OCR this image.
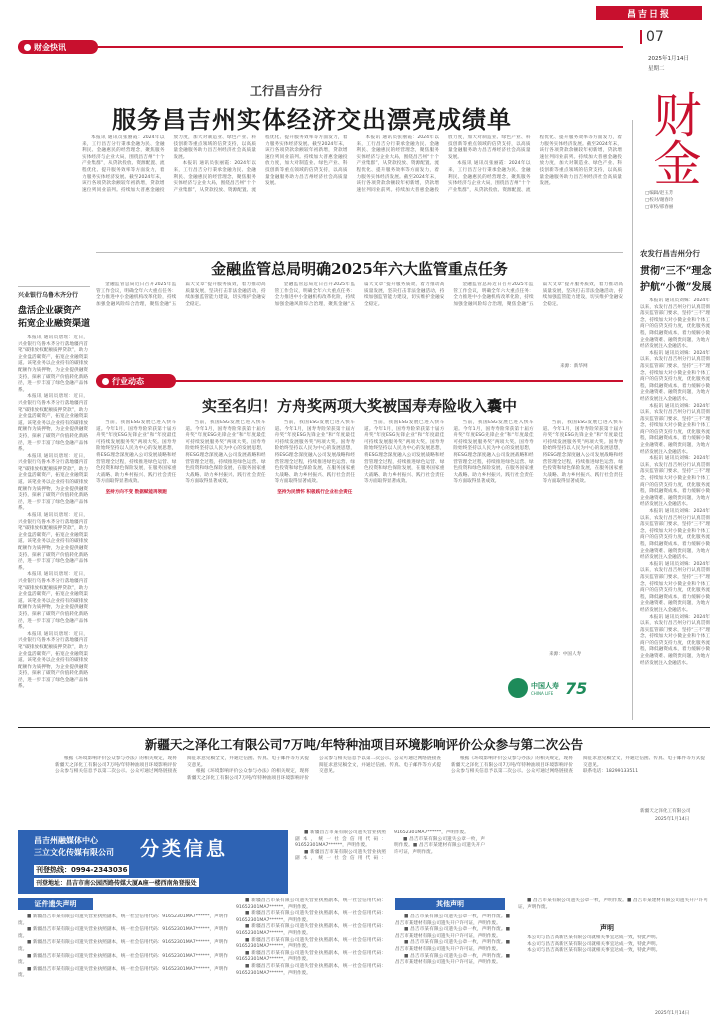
昌吉日报
07
2025年1月14日
星期二
财金
□编辑/赵玉芳
□校对/谢春玲
□审校/邢春丽
财金快讯
工行昌吉分行
服务昌吉州实体经济交出漂亮成绩单

本报讯 通讯员张丽霞：2024年以来，工行昌吉分行秉承金融为民、金融利民、金融惠民的经营理念，聚焦服务实体经济与企业大局，围绕昌吉州“十个产业集群”，从贷款投放、资源配置、流程优化、提升服务效率等方面发力，着力服务实体经济发展。截至2024年末，该行各项贷款余额较年初新增，贷款增速位列同业前列。持续加大普惠金融投放力度，加大对制造业、绿色产业、科技创新等重点领域的信贷支持，以高质量金融服务助力昌吉州经济社会高质量发展。

本报讯 通讯员张丽霞：2024年以来，工行昌吉分行秉承金融为民、金融利民、金融惠民的经营理念，聚焦服务实体经济与企业大局，围绕昌吉州“十个产业集群”，从贷款投放、资源配置、流程优化、提升服务效率等方面发力，着力服务实体经济发展。截至2024年末，该行各项贷款余额较年初新增，贷款增速位列同业前列。持续加大普惠金融投放力度，加大对制造业、绿色产业、科技创新等重点领域的信贷支持，以高质量金融服务助力昌吉州经济社会高质量发展。

本报讯 通讯员张丽霞：2024年以来，工行昌吉分行秉承金融为民、金融利民、金融惠民的经营理念，聚焦服务实体经济与企业大局，围绕昌吉州“十个产业集群”，从贷款投放、资源配置、流程优化、提升服务效率等方面发力，着力服务实体经济发展。截至2024年末，该行各项贷款余额较年初新增，贷款增速位列同业前列。持续加大普惠金融投放力度，加大对制造业、绿色产业、科技创新等重点领域的信贷支持，以高质量金融服务助力昌吉州经济社会高质量发展。

本报讯 通讯员张丽霞：2024年以来，工行昌吉分行秉承金融为民、金融利民、金融惠民的经营理念，聚焦服务实体经济与企业大局，围绕昌吉州“十个产业集群”，从贷款投放、资源配置、流程优化、提升服务效率等方面发力，着力服务实体经济发展。截至2024年末，该行各项贷款余额较年初新增，贷款增速位列同业前列。持续加大普惠金融投放力度，加大对制造业、绿色产业、科技创新等重点领域的信贷支持，以高质量金融服务助力昌吉州经济社会高质量发展。

兴业银行乌鲁木齐分行
盘活企业碳资产
拓宽企业融资渠道

本报讯 通讯员唐瑶：近日，兴业银行乌鲁木齐分行落地疆内首笔“碳排放权配额质押贷款”，助力企业盘活碳资产，拓宽企业融资渠道。该笔业务以企业持有的碳排放配额作为质押物，为企业提供融资支持，探索了碳资产价值转化新路径，进一步丰富了绿色金融产品体系。

本报讯 通讯员唐瑶：近日，兴业银行乌鲁木齐分行落地疆内首笔“碳排放权配额质押贷款”，助力企业盘活碳资产，拓宽企业融资渠道。该笔业务以企业持有的碳排放配额作为质押物，为企业提供融资支持，探索了碳资产价值转化新路径，进一步丰富了绿色金融产品体系。

本报讯 通讯员唐瑶：近日，兴业银行乌鲁木齐分行落地疆内首笔“碳排放权配额质押贷款”，助力企业盘活碳资产，拓宽企业融资渠道。该笔业务以企业持有的碳排放配额作为质押物，为企业提供融资支持，探索了碳资产价值转化新路径，进一步丰富了绿色金融产品体系。

本报讯 通讯员唐瑶：近日，兴业银行乌鲁木齐分行落地疆内首笔“碳排放权配额质押贷款”，助力企业盘活碳资产，拓宽企业融资渠道。该笔业务以企业持有的碳排放配额作为质押物，为企业提供融资支持，探索了碳资产价值转化新路径，进一步丰富了绿色金融产品体系。

本报讯 通讯员唐瑶：近日，兴业银行乌鲁木齐分行落地疆内首笔“碳排放权配额质押贷款”，助力企业盘活碳资产，拓宽企业融资渠道。该笔业务以企业持有的碳排放配额作为质押物，为企业提供融资支持，探索了碳资产价值转化新路径，进一步丰富了绿色金融产品体系。

本报讯 通讯员唐瑶：近日，兴业银行乌鲁木齐分行落地疆内首笔“碳排放权配额质押贷款”，助力企业盘活碳资产，拓宽企业融资渠道。该笔业务以企业持有的碳排放配额作为质押物，为企业提供融资支持，探索了碳资产价值转化新路径，进一步丰富了绿色金融产品体系。

金融监管总局明确2025年六大监管重点任务

金融监管总局近日召开2025年监管工作会议，明确全年六大重点任务：全力推进中小金融机构改革化险，持续加强金融风险综合治理，聚焦金融“五篇大文章”提升服务质效，着力推动高质量发展，坚决打击非法金融活动，持续加强监管能力建设，切实维护金融安全稳定。

金融监管总局近日召开2025年监管工作会议，明确全年六大重点任务：全力推进中小金融机构改革化险，持续加强金融风险综合治理，聚焦金融“五篇大文章”提升服务质效，着力推动高质量发展，坚决打击非法金融活动，持续加强监管能力建设，切实维护金融安全稳定。

金融监管总局近日召开2025年监管工作会议，明确全年六大重点任务：全力推进中小金融机构改革化险，持续加强金融风险综合治理，聚焦金融“五篇大文章”提升服务质效，着力推动高质量发展，坚决打击非法金融活动，持续加强监管能力建设，切实维护金融安全稳定。

来源：新华网
行业动态
实至名归！方舟奖两项大奖被国寿寿险收入囊中

当前，我国ESG发展已进入快车道。今年1月，国寿寿险荣获第十届方舟奖“年度ESG先锋企业”和“年度最佳可持续发展服务奖”两项大奖。国寿寿险始终坚持以人民为中心的发展思想，将ESG理念深度融入公司发展战略和经营管理全过程，持续推进绿色运营、绿色投资和绿色保险发展，在服务国家重大战略、助力乡村振兴、践行社会责任等方面取得显著成效。

坚持方向不变 数据赋能再领跑

当前，我国ESG发展已进入快车道。今年1月，国寿寿险荣获第十届方舟奖“年度ESG先锋企业”和“年度最佳可持续发展服务奖”两项大奖。国寿寿险始终坚持以人民为中心的发展思想，将ESG理念深度融入公司发展战略和经营管理全过程，持续推进绿色运营、绿色投资和绿色保险发展，在服务国家重大战略、助力乡村振兴、践行社会责任等方面取得显著成效。

当前，我国ESG发展已进入快车道。今年1月，国寿寿险荣获第十届方舟奖“年度ESG先锋企业”和“年度最佳可持续发展服务奖”两项大奖。国寿寿险始终坚持以人民为中心的发展思想，将ESG理念深度融入公司发展战略和经营管理全过程，持续推进绿色运营、绿色投资和绿色保险发展，在服务国家重大战略、助力乡村振兴、践行社会责任等方面取得显著成效。

坚持为民情怀 积极践行企业社会责任

当前，我国ESG发展已进入快车道。今年1月，国寿寿险荣获第十届方舟奖“年度ESG先锋企业”和“年度最佳可持续发展服务奖”两项大奖。国寿寿险始终坚持以人民为中心的发展思想，将ESG理念深度融入公司发展战略和经营管理全过程，持续推进绿色运营、绿色投资和绿色保险发展，在服务国家重大战略、助力乡村振兴、践行社会责任等方面取得显著成效。

当前，我国ESG发展已进入快车道。今年1月，国寿寿险荣获第十届方舟奖“年度ESG先锋企业”和“年度最佳可持续发展服务奖”两项大奖。国寿寿险始终坚持以人民为中心的发展思想，将ESG理念深度融入公司发展战略和经营管理全过程，持续推进绿色运营、绿色投资和绿色保险发展，在服务国家重大战略、助力乡村振兴、践行社会责任等方面取得显著成效。

当前，我国ESG发展已进入快车道。今年1月，国寿寿险荣获第十届方舟奖“年度ESG先锋企业”和“年度最佳可持续发展服务奖”两项大奖。国寿寿险始终坚持以人民为中心的发展思想，将ESG理念深度融入公司发展战略和经营管理全过程，持续推进绿色运营、绿色投资和绿色保险发展，在服务国家重大战略、助力乡村振兴、践行社会责任等方面取得显著成效。

来源：中国人寿
中国人寿
CHINA LIFE 75
农发行昌吉州分行
贯彻“三不”理念
护航“小微”发展

本报讯 通讯员刘姝：2024年以来，农发行昌吉州分行认真贯彻落实监管部门要求，坚持“三不”理念，持续加大对小微企业和个体工商户的信贷支持力度，优化服务流程，降低融资成本，着力缓解小微企业融资难、融资贵问题，为地方经济发展注入金融活水。

本报讯 通讯员刘姝：2024年以来，农发行昌吉州分行认真贯彻落实监管部门要求，坚持“三不”理念，持续加大对小微企业和个体工商户的信贷支持力度，优化服务流程，降低融资成本，着力缓解小微企业融资难、融资贵问题，为地方经济发展注入金融活水。

本报讯 通讯员刘姝：2024年以来，农发行昌吉州分行认真贯彻落实监管部门要求，坚持“三不”理念，持续加大对小微企业和个体工商户的信贷支持力度，优化服务流程，降低融资成本，着力缓解小微企业融资难、融资贵问题，为地方经济发展注入金融活水。

本报讯 通讯员刘姝：2024年以来，农发行昌吉州分行认真贯彻落实监管部门要求，坚持“三不”理念，持续加大对小微企业和个体工商户的信贷支持力度，优化服务流程，降低融资成本，着力缓解小微企业融资难、融资贵问题，为地方经济发展注入金融活水。

本报讯 通讯员刘姝：2024年以来，农发行昌吉州分行认真贯彻落实监管部门要求，坚持“三不”理念，持续加大对小微企业和个体工商户的信贷支持力度，优化服务流程，降低融资成本，着力缓解小微企业融资难、融资贵问题，为地方经济发展注入金融活水。

本报讯 通讯员刘姝：2024年以来，农发行昌吉州分行认真贯彻落实监管部门要求，坚持“三不”理念，持续加大对小微企业和个体工商户的信贷支持力度，优化服务流程，降低融资成本，着力缓解小微企业融资难、融资贵问题，为地方经济发展注入金融活水。

本报讯 通讯员刘姝：2024年以来，农发行昌吉州分行认真贯彻落实监管部门要求，坚持“三不”理念，持续加大对小微企业和个体工商户的信贷支持力度，优化服务流程，降低融资成本，着力缓解小微企业融资难、融资贵问题，为地方经济发展注入金融活水。

新疆天之泽化工有限公司7万吨/年特种油项目环境影响评价公众参与第二次公告

根据《环境影响评价公众参与办法》的相关规定，现将新疆天之泽化工有限公司7万吨/年特种油项目环境影响评价公众参与相关信息予以第二次公示。公众可通过网络链接查阅征求意见稿全文，并通过信函、传真、电子邮件等方式提交意见。

根据《环境影响评价公众参与办法》的相关规定，现将新疆天之泽化工有限公司7万吨/年特种油项目环境影响评价公众参与相关信息予以第二次公示。公众可通过网络链接查阅征求意见稿全文，并通过信函、传真、电子邮件等方式提交意见。

根据《环境影响评价公众参与办法》的相关规定，现将新疆天之泽化工有限公司7万吨/年特种油项目环境影响评价公众参与相关信息予以第二次公示。公众可通过网络链接查阅征求意见稿全文，并通过信函、传真、电子邮件等方式提交意见。

联系电话：18299133511

新疆天之泽化工有限公司
2025年1月14日
昌吉州融媒体中心
三立文化传媒有限公司 分类信息
刊登热线：0994-2343036
刊登地址：昌吉市南公园西路传媒大厦A座一楼西南角登报处

■ 新疆昌吉市某有限公司遗失营业执照副本，统一社会信用代码：91652301MA7******，声明作废。

■ 新疆昌吉市某有限公司遗失营业执照副本，统一社会信用代码：91652301MA7******，声明作废。

■ 昌吉市某有限公司遗失公章一枚，声明作废。■ 昌吉市某建材有限公司遗失开户许可证，声明作废。

证件遗失声明

■ 新疆昌吉市某有限公司遗失营业执照副本，统一社会信用代码：91652301MA7******，声明作废。

■ 新疆昌吉市某有限公司遗失营业执照副本，统一社会信用代码：91652301MA7******，声明作废。

■ 新疆昌吉市某有限公司遗失营业执照副本，统一社会信用代码：91652301MA7******，声明作废。

■ 新疆昌吉市某有限公司遗失营业执照副本，统一社会信用代码：91652301MA7******，声明作废。

■ 新疆昌吉市某有限公司遗失营业执照副本，统一社会信用代码：91652301MA7******，声明作废。

■ 新疆昌吉市某有限公司遗失营业执照副本，统一社会信用代码：91652301MA7******，声明作废。

■ 新疆昌吉市某有限公司遗失营业执照副本，统一社会信用代码：91652301MA7******，声明作废。

■ 新疆昌吉市某有限公司遗失营业执照副本，统一社会信用代码：91652301MA7******，声明作废。

■ 新疆昌吉市某有限公司遗失营业执照副本，统一社会信用代码：91652301MA7******，声明作废。

■ 新疆昌吉市某有限公司遗失营业执照副本，统一社会信用代码：91652301MA7******，声明作废。

■ 新疆昌吉市某有限公司遗失营业执照副本，统一社会信用代码：91652301MA7******，声明作废。

其他声明

■ 昌吉市某有限公司遗失公章一枚，声明作废。■ 昌吉市某建材有限公司遗失开户许可证，声明作废。

■ 昌吉市某有限公司遗失公章一枚，声明作废。■ 昌吉市某建材有限公司遗失开户许可证，声明作废。

■ 昌吉市某有限公司遗失公章一枚，声明作废。■ 昌吉市某建材有限公司遗失开户许可证，声明作废。

■ 昌吉市某有限公司遗失公章一枚，声明作废。■ 昌吉市某建材有限公司遗失开户许可证，声明作废。

■ 昌吉市某有限公司遗失公章一枚，声明作废。■ 昌吉市某建材有限公司遗失开户许可证，声明作废。

声明

本公司与昌吉高新区某有限公司就相关事宜达成一致，特此声明。

本公司与昌吉高新区某有限公司就相关事宜达成一致，特此声明。

本公司与昌吉高新区某有限公司就相关事宜达成一致，特此声明。

2025年1月14日
